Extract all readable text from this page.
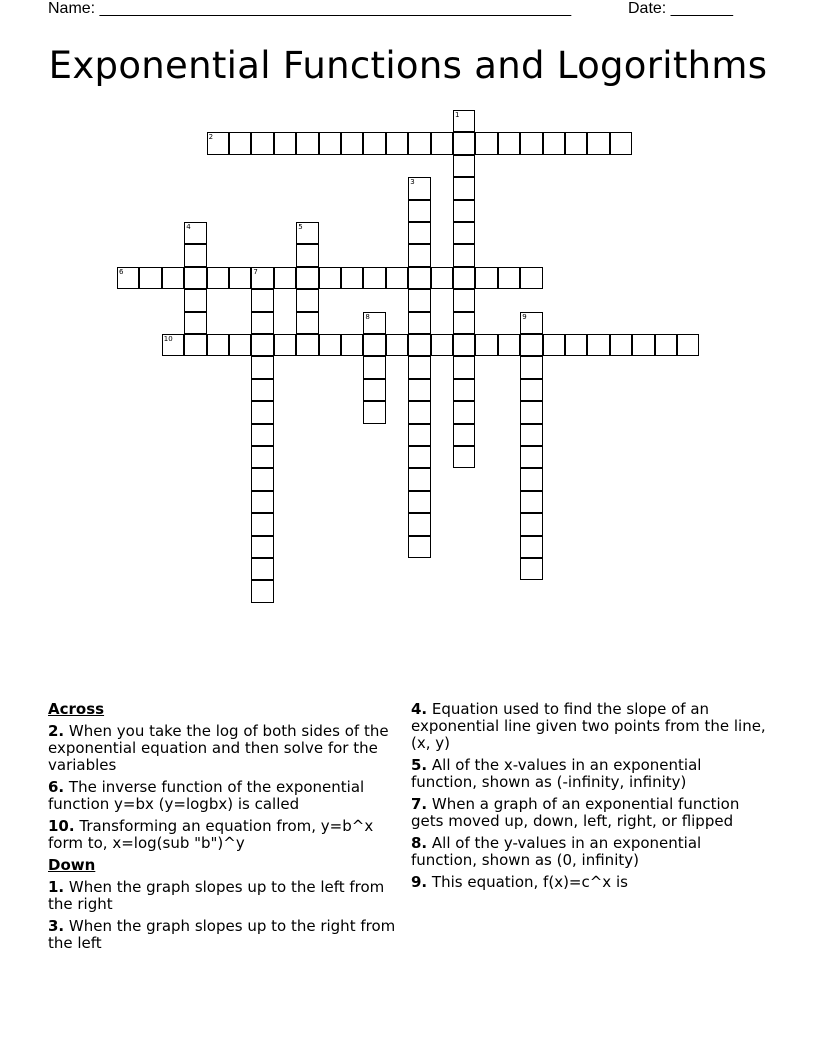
Name: _____________________________________________________	Date: _______
Exponential Functions and Logorithms
1
2
3
4	5
6	7
8	9
10
Across
2. When you take the log of both sides of the exponential equation and then solve for the variables
6. The inverse function of the exponential function y=bx (y=logbx) is called
10. Transforming an equation from, y=b^x form to, x=log(sub "b")^y
Down
1. When the graph slopes up to the left from the right
3. When the graph slopes up to the right from the left
4. Equation used to find the slope of an exponential line given two points from the line, (x, y)
5. All of the x-values in an exponential function, shown as (-infinity, infinity)
7. When a graph of an exponential function gets moved up, down, left, right, or flipped
8. All of the y-values in an exponential function, shown as (0, infinity)
9. This equation, f(x)=c^x is
